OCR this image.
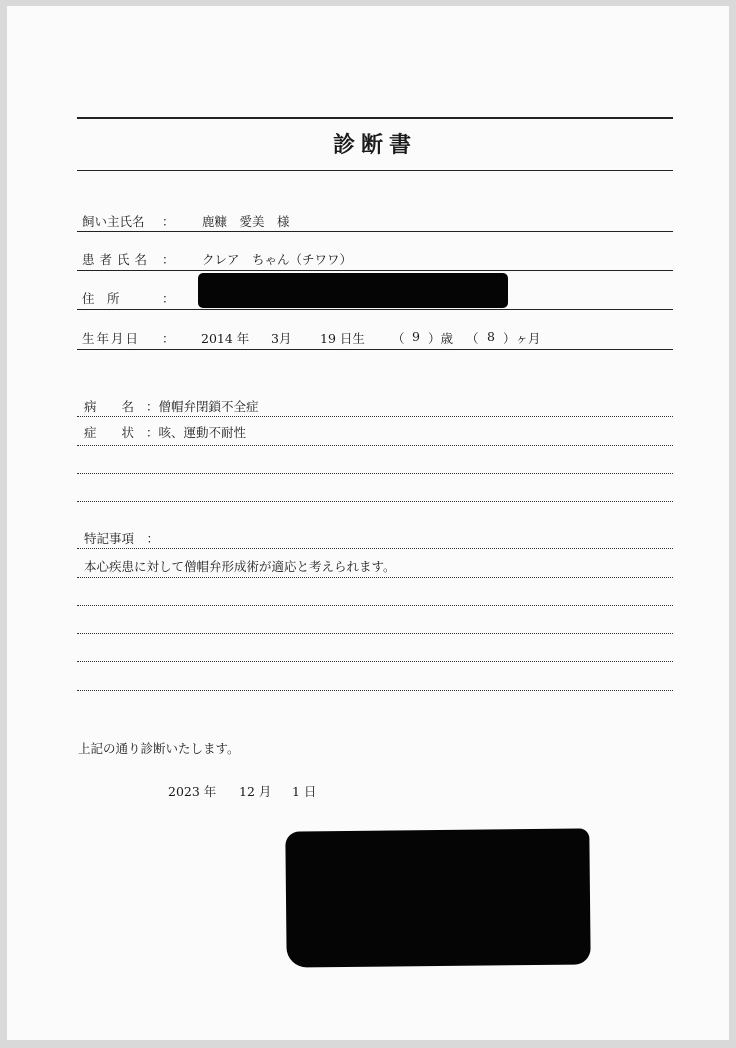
診断書
飼い主氏名 ： 鹿糠　愛美　様
患者氏名 ： クレア　ちゃん（チワワ）
住　所	：
生年月日 ： 2014 年 3月 19 日生 （ 9 ）歳 （ 8 ）ヶ月
病　　名 ：僧帽弁閉鎖不全症
症　　状 ：咳、運動不耐性
特記事項　：
本心疾患に対して僧帽弁形成術が適応と考えられます。
上記の通り診断いたします。
2023 年 12 月 1 日
